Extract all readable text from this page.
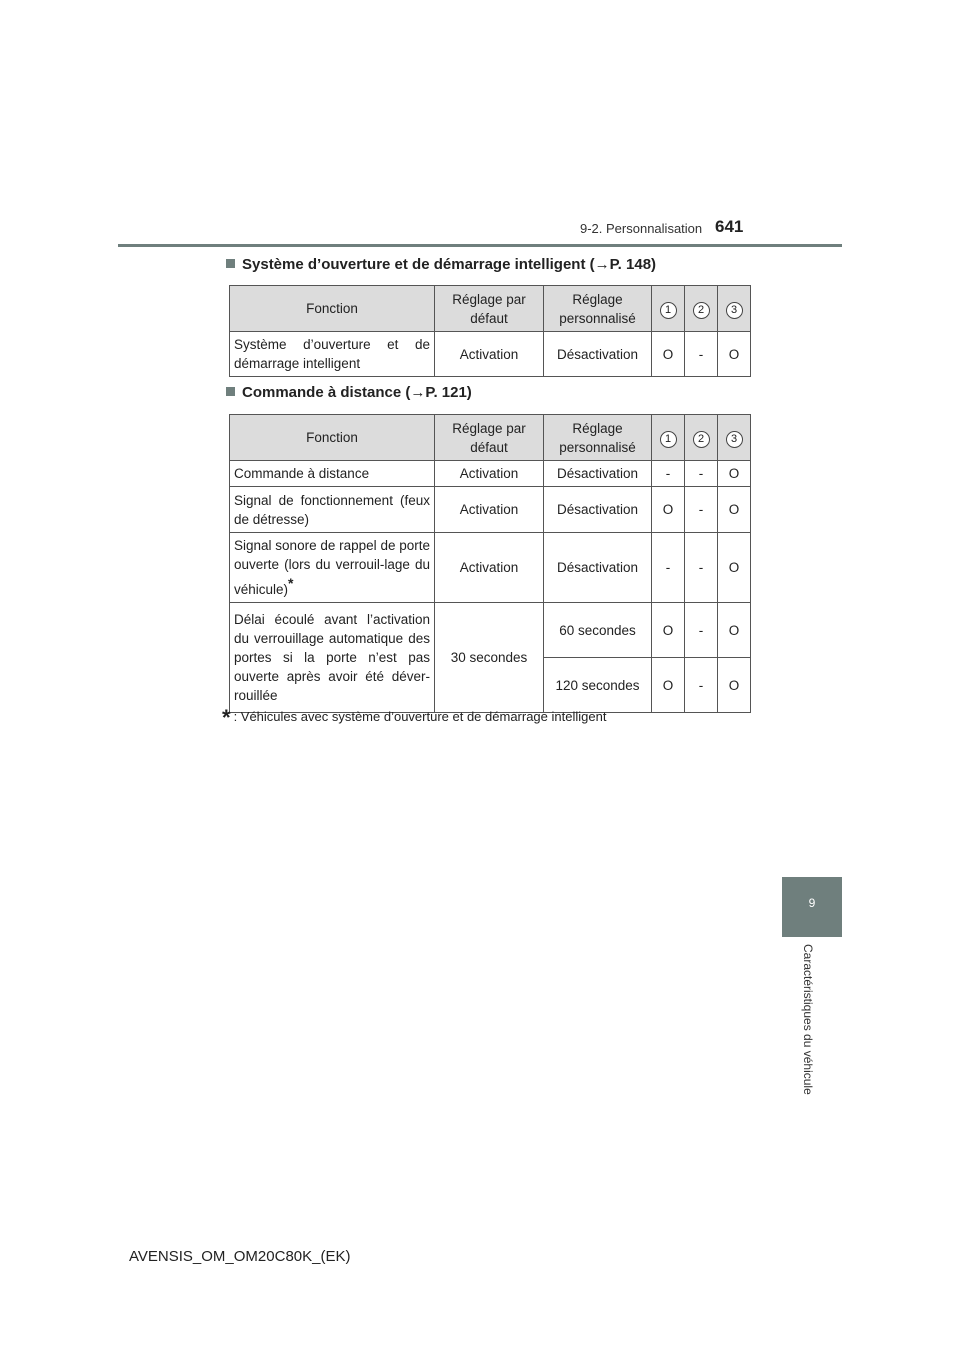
9-2. Personnalisation 641
Système d’ouverture et de démarrage intelligent (→P. 148)
Fonction	Réglage par défaut	Réglage personnalisé	1	2	3
Système d’ouverture et de démarrage intelligent	Activation	Désactivation	O	-	O
Commande à distance (→P. 121)
Fonction	Réglage par défaut	Réglage personnalisé	1	2	3
Commande à distance	Activation	Désactivation	-	-	O
Signal de fonctionnement (feux de détresse)	Activation	Désactivation	O	-	O
Signal sonore de rappel de porte ouverte (lors du verrouil-lage du véhicule)*	Activation	Désactivation	-	-	O
Délai écoulé avant l’activation du verrouillage automatique des portes si la porte n’est pas ouverte après avoir été déver-rouillée	30 secondes	60 secondes	O	-	O
		120 secondes	O	-	O
* : Véhicules avec système d’ouverture et de démarrage intelligent
9
Caractéristiques du véhicule
AVENSIS_OM_OM20C80K_(EK)
